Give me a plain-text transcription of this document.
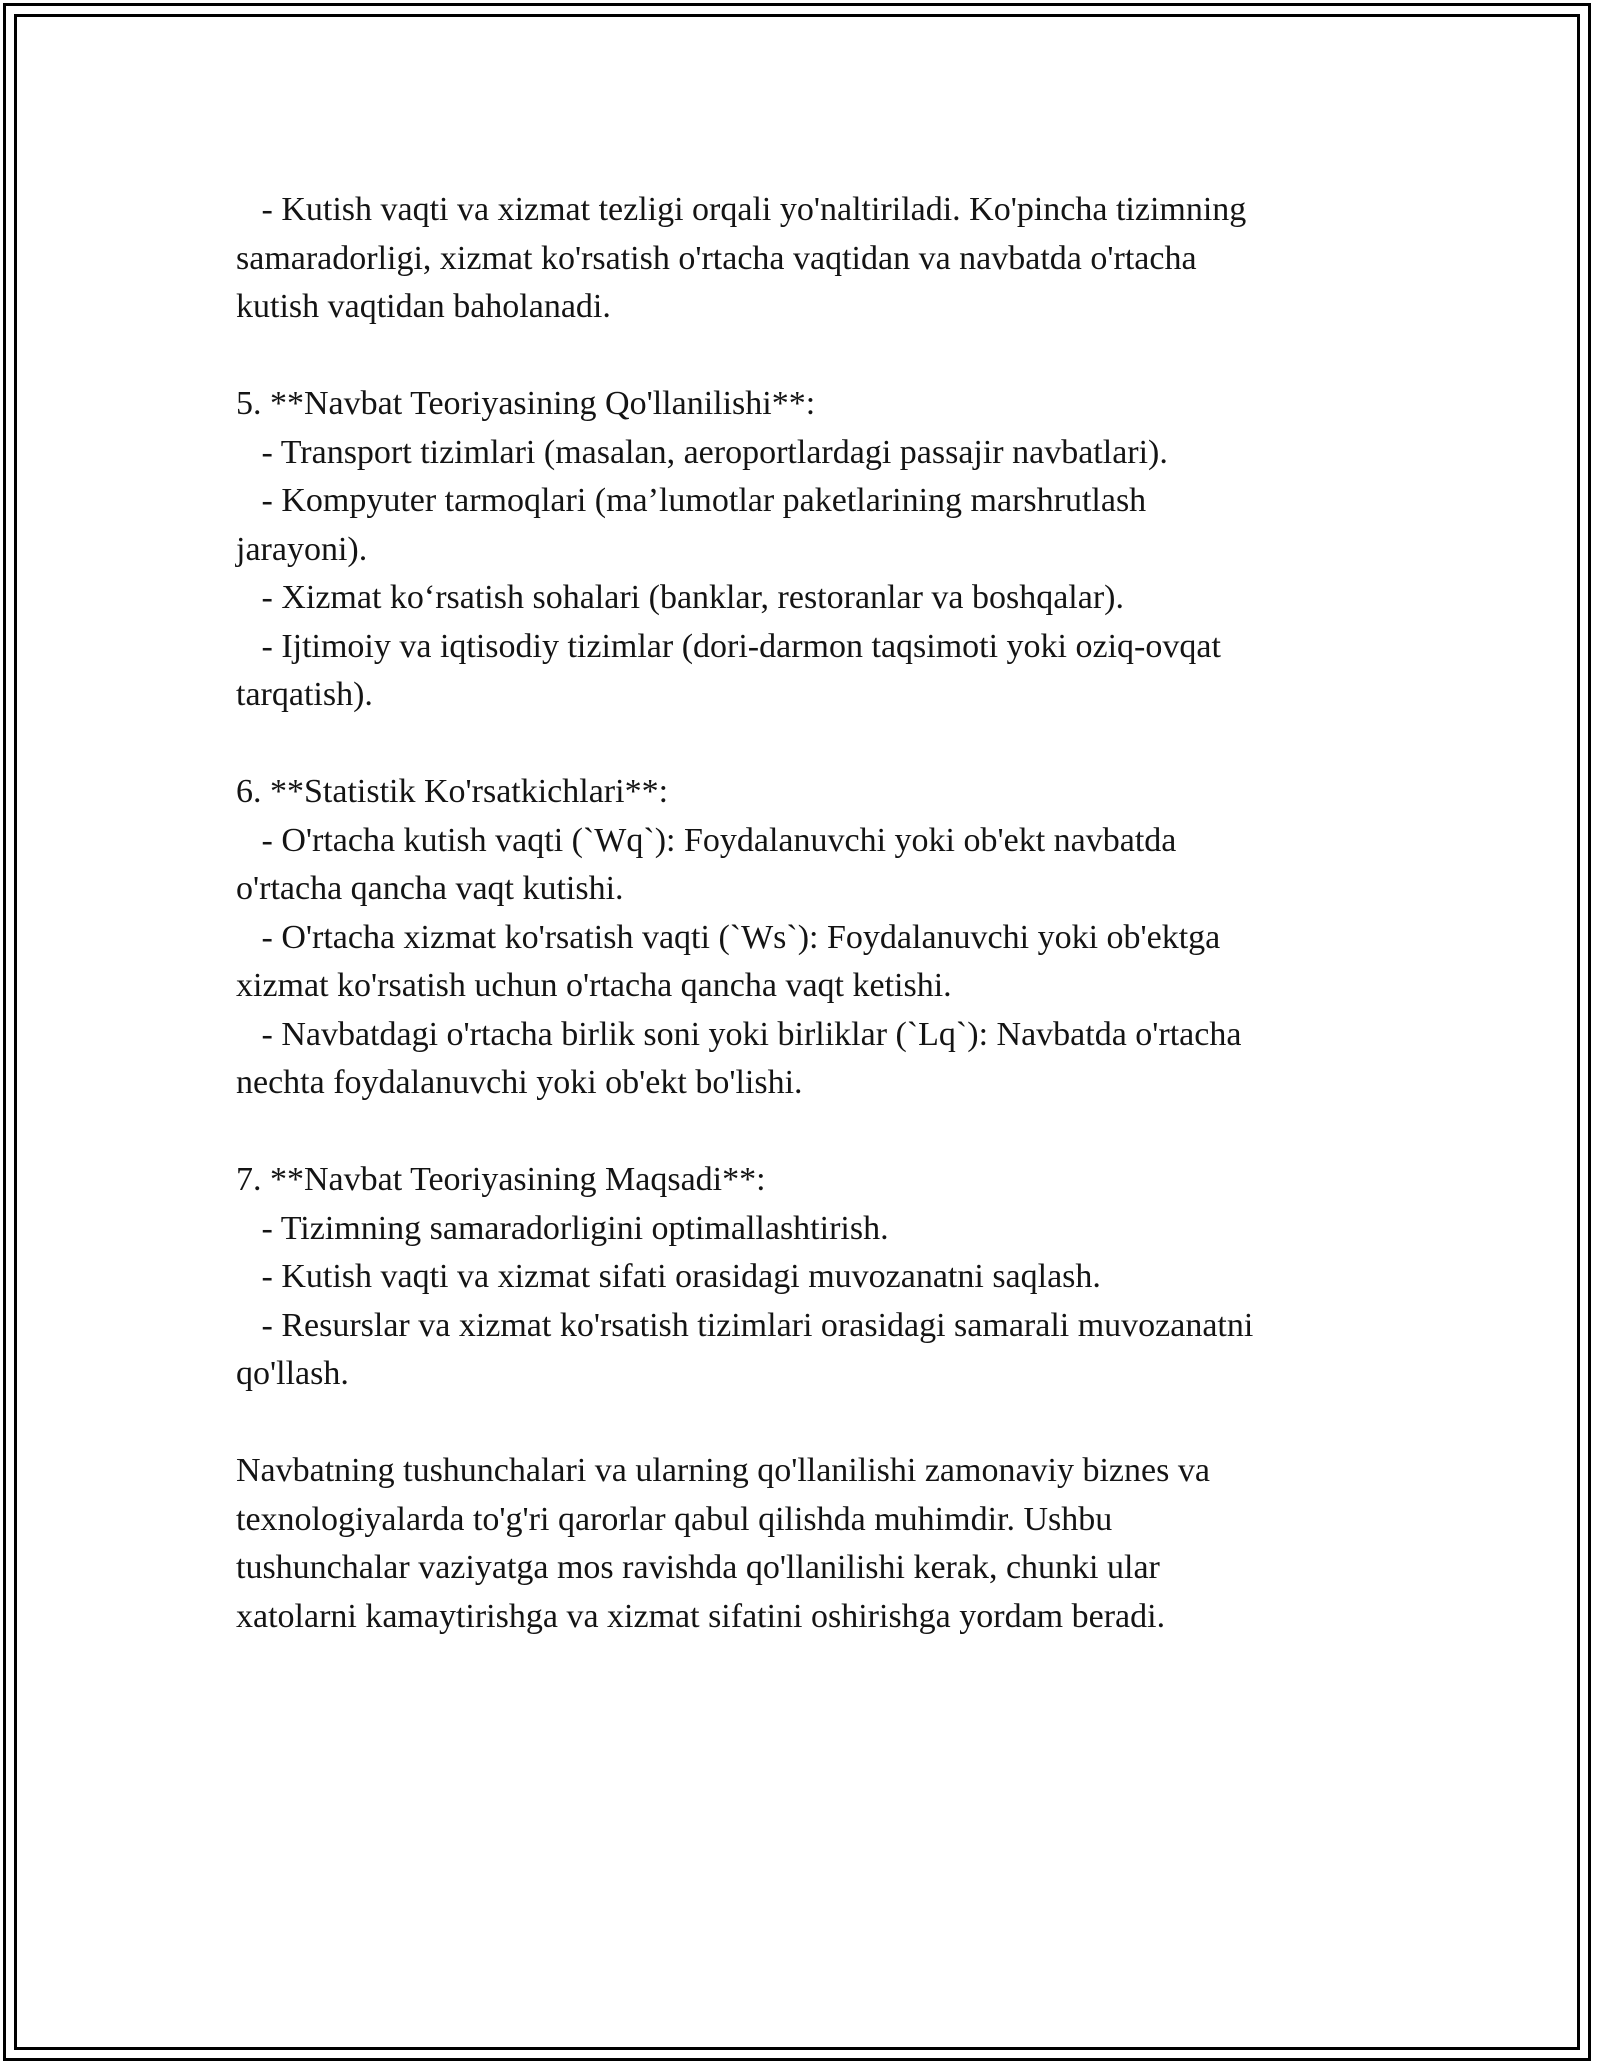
- Kutish vaqti va xizmat tezligi orqali yo'naltiriladi. Ko'pincha tizimning
samaradorligi, xizmat ko'rsatish o'rtacha vaqtidan va navbatda o'rtacha
kutish vaqtidan baholanadi.
5. **Navbat Teoriyasining Qo'llanilishi**:
- Transport tizimlari (masalan, aeroportlardagi passajir navbatlari).
- Kompyuter tarmoqlari (ma’lumotlar paketlarining marshrutlash
jarayoni).
- Xizmat ko‘rsatish sohalari (banklar, restoranlar va boshqalar).
- Ijtimoiy va iqtisodiy tizimlar (dori-darmon taqsimoti yoki oziq-ovqat
tarqatish).
6. **Statistik Ko'rsatkichlari**:
- O'rtacha kutish vaqti (`Wq`): Foydalanuvchi yoki ob'ekt navbatda
o'rtacha qancha vaqt kutishi.
- O'rtacha xizmat ko'rsatish vaqti (`Ws`): Foydalanuvchi yoki ob'ektga
xizmat ko'rsatish uchun o'rtacha qancha vaqt ketishi.
- Navbatdagi o'rtacha birlik soni yoki birliklar (`Lq`): Navbatda o'rtacha
nechta foydalanuvchi yoki ob'ekt bo'lishi.
7. **Navbat Teoriyasining Maqsadi**:
- Tizimning samaradorligini optimallashtirish.
- Kutish vaqti va xizmat sifati orasidagi muvozanatni saqlash.
- Resurslar va xizmat ko'rsatish tizimlari orasidagi samarali muvozanatni
qo'llash.
Navbatning tushunchalari va ularning qo'llanilishi zamonaviy biznes va
texnologiyalarda to'g'ri qarorlar qabul qilishda muhimdir. Ushbu
tushunchalar vaziyatga mos ravishda qo'llanilishi kerak, chunki ular
xatolarni kamaytirishga va xizmat sifatini oshirishga yordam beradi.
